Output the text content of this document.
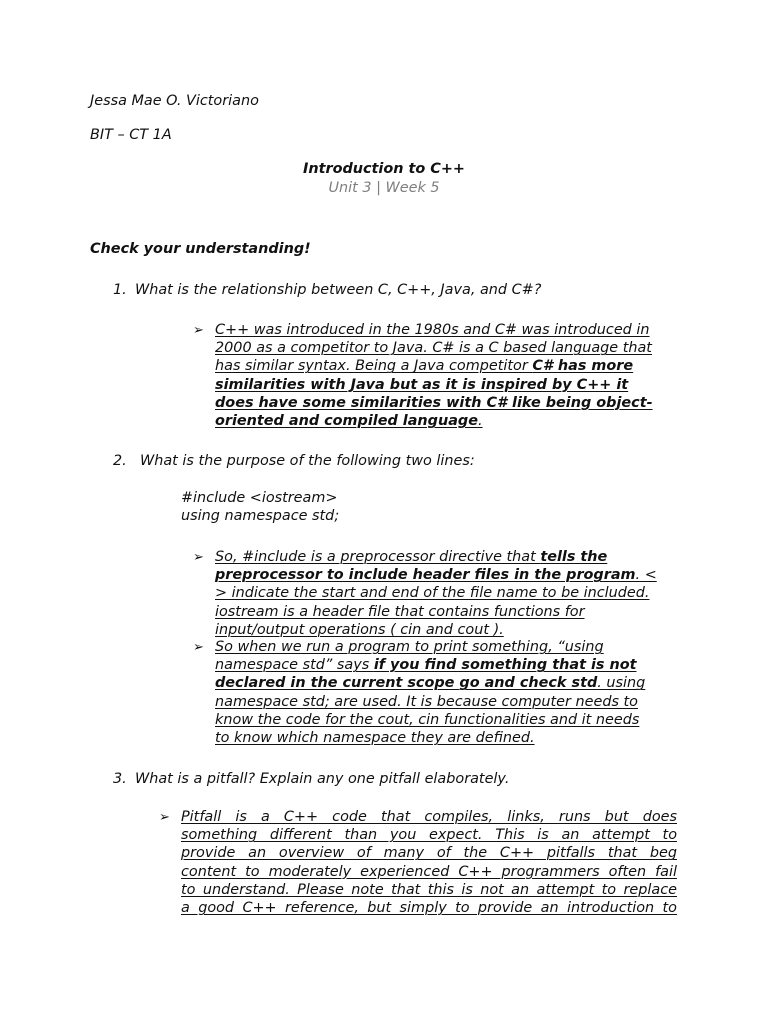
Jessa Mae O. Victoriano

BIT – CT 1A

Introduction to C++

Unit 3 | Week 5

Check your understanding!

1. What is the relationship between C, C++, Java, and C#?

➢ C++ was introduced in the 1980s and C# was introduced in

2000 as a competitor to Java. C# is a C based language that

has similar syntax. Being a Java competitor C# has more

similarities with Java but as it is inspired by C++ it

does have some similarities with C# like being object-

oriented and compiled language.

2. What is the purpose of the following two lines:

#include <iostream>

using namespace std;

➢ So, #include is a preprocessor directive that tells the

preprocessor to include header files in the program. <

> indicate the start and end of the file name to be included.

iostream is a header file that contains functions for

input/output operations ( cin and cout ).

➢ So when we run a program to print something, “using

namespace std” says if you find something that is not

declared in the current scope go and check std. using

namespace std; are used. It is because computer needs to

know the code for the cout, cin functionalities and it needs

to know which namespace they are defined.

3. What is a pitfall? Explain any one pitfall elaborately.

➢ Pitfall is a C++ code that compiles, links, runs but does

something different than you expect. This is an attempt to

provide an overview of many of the C++ pitfalls that beg

content to moderately experienced C++ programmers often fail

to understand. Please note that this is not an attempt to replace

a good C++ reference, but simply to provide an introduction to
